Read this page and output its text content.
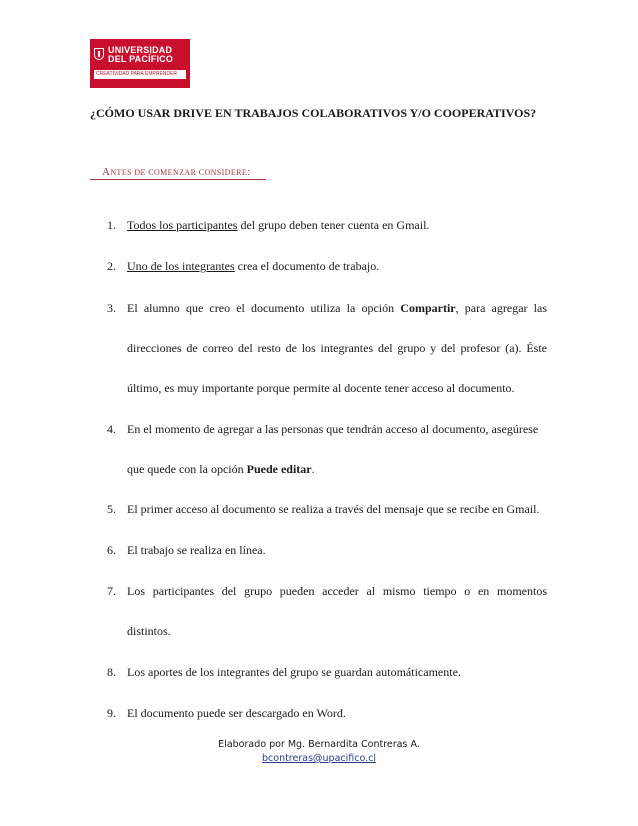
UNIVERSIDAD
DEL PACÍFICO
CREATIVIDAD PARA EMPRENDER
¿CÓMO USAR DRIVE EN TRABAJOS COLABORATIVOS Y/O COOPERATIVOS?
ANTES DE COMENZAR CONSIDERE:
1. Todos los participantes del grupo deben tener cuenta en Gmail.
2. Uno de los integrantes crea el documento de trabajo.
3. El alumno que creo el documento utiliza la opción Compartir, para agregar las
direcciones de correo del resto de los integrantes del grupo y del profesor (a). Éste
último, es muy importante porque permite al docente tener acceso al documento.
4. En el momento de agregar a las personas que tendrán acceso al documento, asegúrese
que quede con la opción Puede editar.
5. El primer acceso al documento se realiza a través del mensaje que se recibe en Gmail.
6. El trabajo se realiza en línea.
7. Los participantes del grupo pueden acceder al mismo tiempo o en momentos
distintos.
8. Los aportes de los integrantes del grupo se guardan automáticamente.
9. El documento puede ser descargado en Word.
Elaborado por Mg. Bernardita Contreras A.
bcontreras@upacifico.cl
